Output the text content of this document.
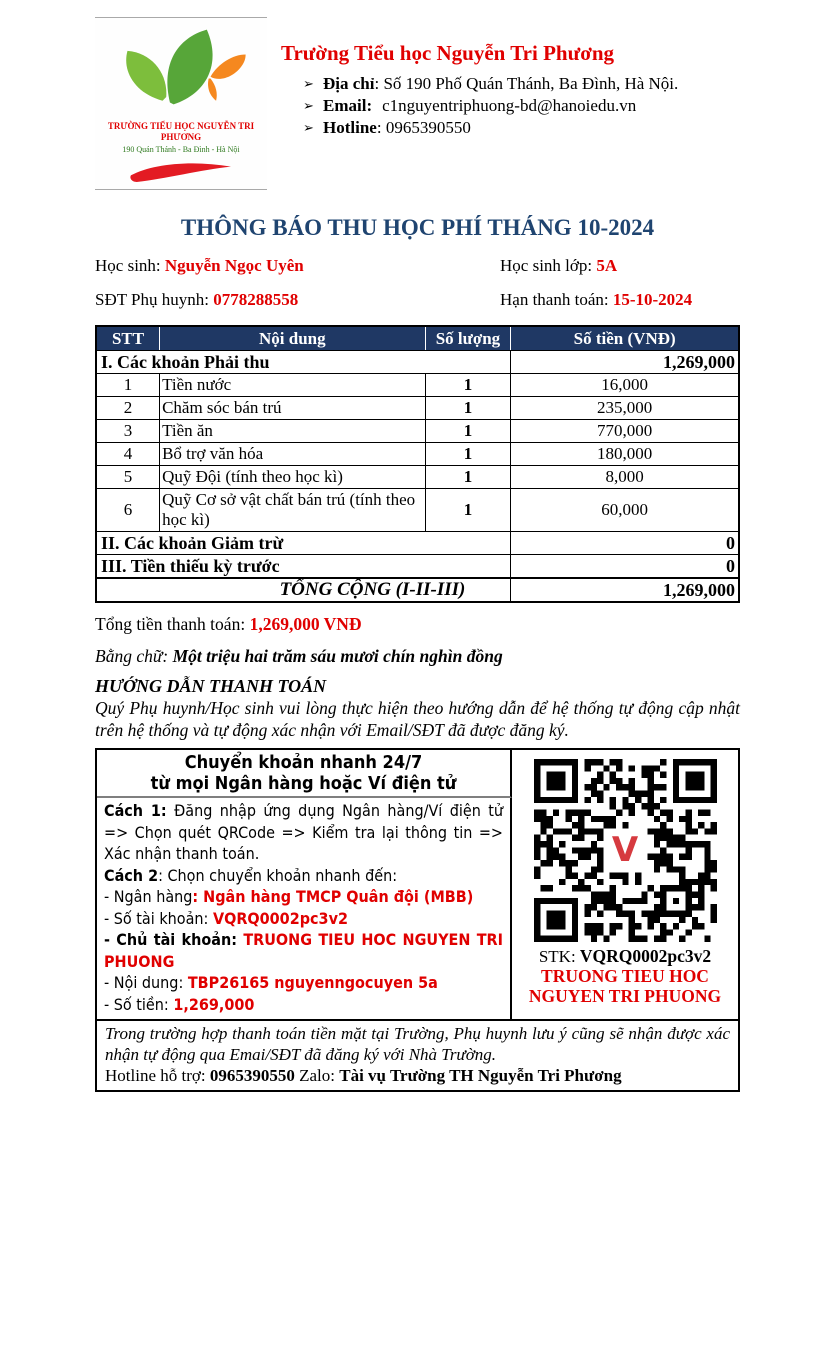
TRƯỜNG TIỂU HỌC NGUYỄN TRI PHƯƠNG
190 Quán Thánh - Ba Đình - Hà Nội
Trường Tiểu học Nguyễn Tri Phương
➢ Địa chỉ: Số 190 Phố Quán Thánh, Ba Đình, Hà Nội.
➢ Email: c1nguyentriphuong-bd@hanoiedu.vn
➢ Hotline: 0965390550
THÔNG BÁO THU HỌC PHÍ THÁNG 10-2024
Học sinh: Nguyễn Ngọc Uyên	Học sinh lớp: 5A
SĐT Phụ huynh: 0778288558	Hạn thanh toán: 15-10-2024
STT	Nội dung	Số lượng	Số tiền (VNĐ)
I. Các khoản Phải thu			1,269,000
1	Tiền nước	1	16,000
2	Chăm sóc bán trú	1	235,000
3	Tiền ăn	1	770,000
4	Bổ trợ văn hóa	1	180,000
5	Quỹ Đội (tính theo học kì)	1	8,000
6	Quỹ Cơ sở vật chất bán trú (tính theo học kì)	1	60,000
II. Các khoản Giảm trừ			0
III. Tiền thiếu kỳ trước			0
TỔNG CỘNG (I-II-III)			1,269,000

Tổng tiền thanh toán: 1,269,000 VNĐ

Bằng chữ: Một triệu hai trăm sáu mươi chín nghìn đồng

HƯỚNG DẪN THANH TOÁN

Quý Phụ huynh/Học sinh vui lòng thực hiện theo hướng dẫn để hệ thống tự động cập nhật trên hệ thống và tự động xác nhận với Email/SĐT đã được đăng ký.

Chuyển khoản nhanh 24/7
từ mọi Ngân hàng hoặc Ví điện tử
V
STK: VQRQ0002pc3v2
TRUONG TIEU HOC NGUYEN TRI PHUONG

Cách 1: Đăng nhập ứng dụng Ngân hàng/Ví điện tử => Chọn quét QRCode => Kiểm tra lại thông tin => Xác nhận thanh toán.

Cách 2: Chọn chuyển khoản nhanh đến:

- Ngân hàng: Ngân hàng TMCP Quân đội (MBB)

- Số tài khoản: VQRQ0002pc3v2

- Chủ tài khoản: TRUONG TIEU HOC NGUYEN TRI PHUONG

- Nội dung: TBP26165 nguyenngocuyen 5a

- Số tiền: 1,269,000

Trong trường hợp thanh toán tiền mặt tại Trường, Phụ huynh lưu ý cũng sẽ nhận được xác nhận tự động qua Emai/SĐT đã đăng ký với Nhà Trường.

Hotline hỗ trợ: 0965390550 Zalo: Tài vụ Trường TH Nguyễn Tri Phương
